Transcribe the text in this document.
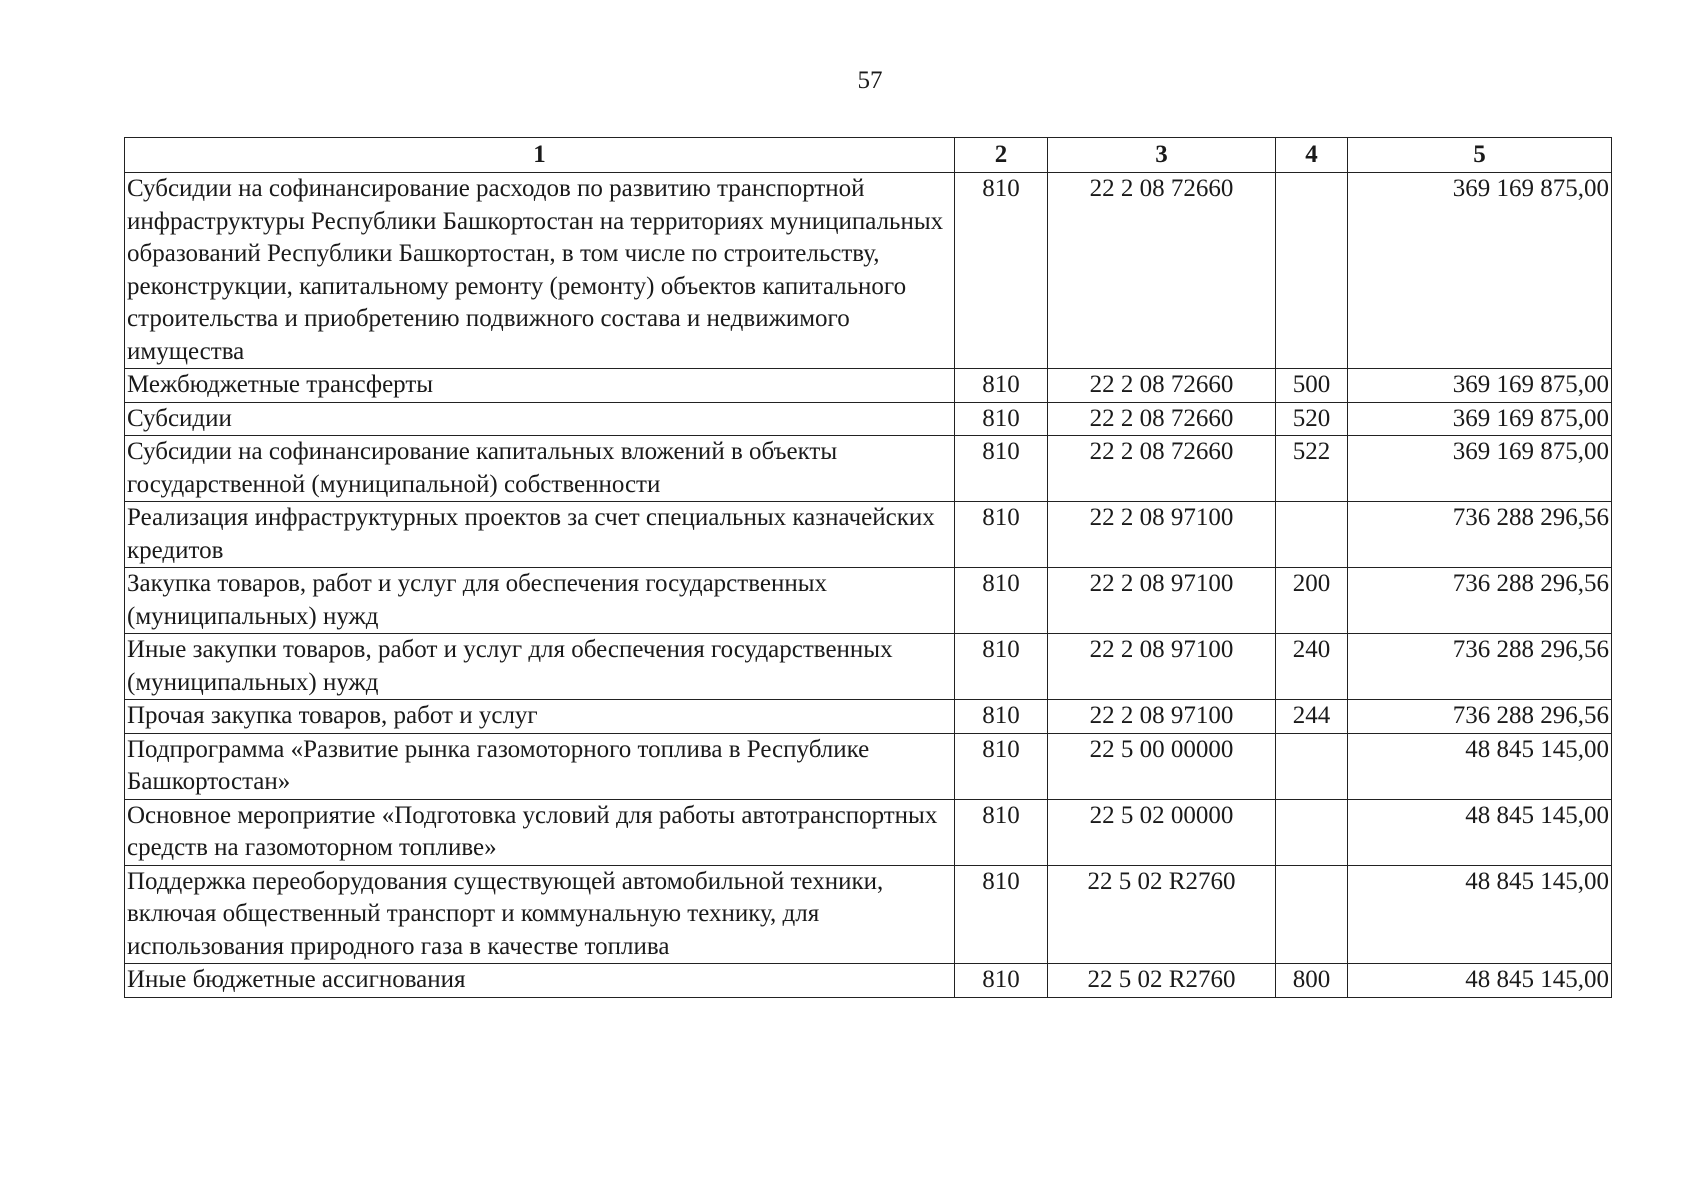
57
1	2	3	4	5
Субсидии на софинансирование расходов по развитию транспортной инфраструктуры Республики Башкортостан на территориях муниципальных образований Республики Башкортостан, в том числе по строительству, реконструкции, капитальному ремонту (ремонту) объектов капитального строительства и приобретению подвижного состава и недвижимого имущества	810	22 2 08 72660		369 169 875,00
Межбюджетные трансферты	810	22 2 08 72660	500	369 169 875,00
Субсидии	810	22 2 08 72660	520	369 169 875,00
Субсидии на софинансирование капитальных вложений в объекты государственной (муниципальной) собственности	810	22 2 08 72660	522	369 169 875,00
Реализация инфраструктурных проектов за счет специальных казначейских кредитов	810	22 2 08 97100		736 288 296,56
Закупка товаров, работ и услуг для обеспечения государственных (муниципальных) нужд	810	22 2 08 97100	200	736 288 296,56
Иные закупки товаров, работ и услуг для обеспечения государственных (муниципальных) нужд	810	22 2 08 97100	240	736 288 296,56
Прочая закупка товаров, работ и услуг	810	22 2 08 97100	244	736 288 296,56
Подпрограмма «Развитие рынка газомоторного топлива в Республике Башкортостан»	810	22 5 00 00000		48 845 145,00
Основное мероприятие «Подготовка условий для работы автотранспортных средств на газомоторном топливе»	810	22 5 02 00000		48 845 145,00
Поддержка переоборудования существующей автомобильной техники, включая общественный транспорт и коммунальную технику, для использования природного газа в качестве топлива	810	22 5 02 R2760		48 845 145,00
Иные бюджетные ассигнования	810	22 5 02 R2760	800	48 845 145,00
